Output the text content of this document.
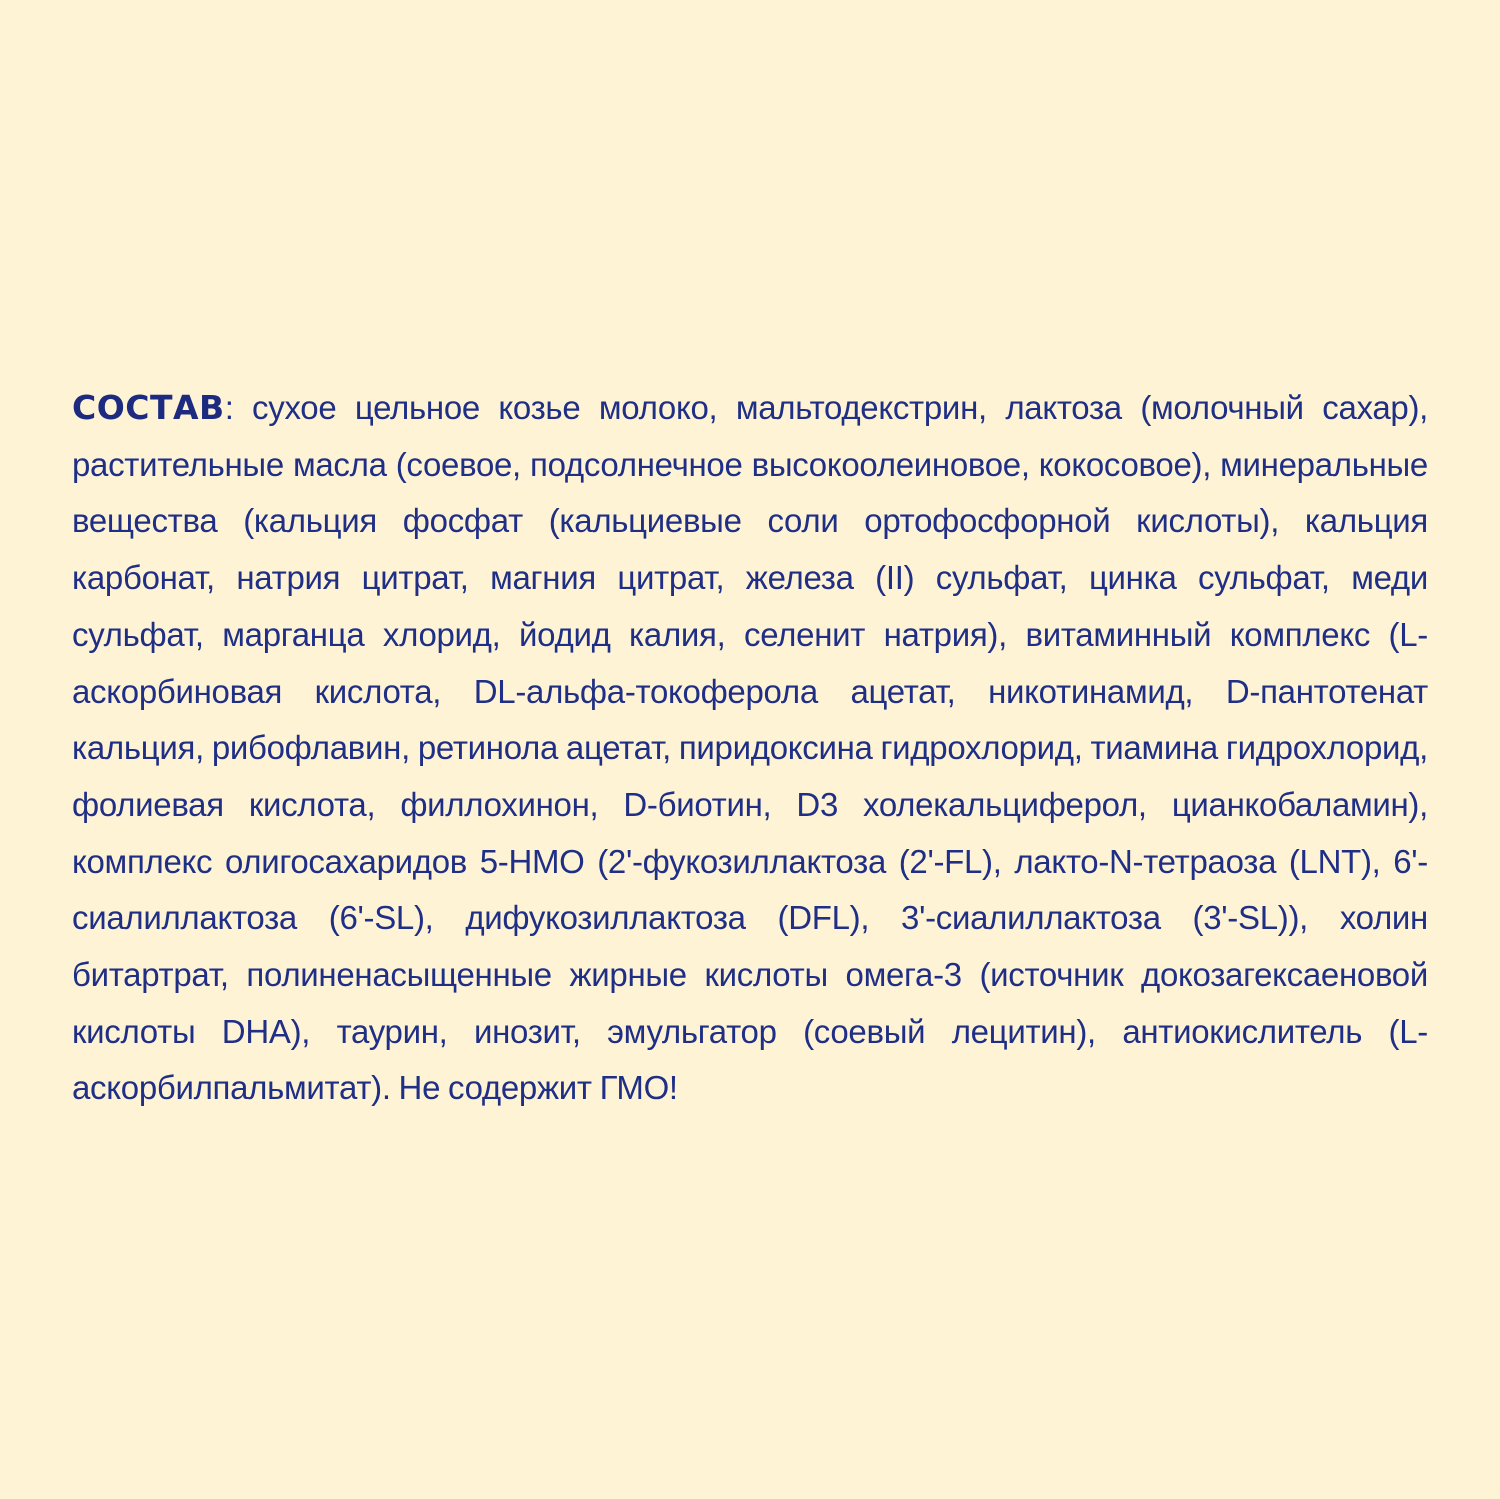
СОСТАВ: сухое цельное козье молоко, мальтодекстрин, лактоза (молочный сахар), растительные масла (соевое, подсолнечное высокоолеиновое, кокосовое), минеральные вещества (кальция фосфат (кальциевые соли ортофосфорной кислоты), кальция карбонат, натрия цитрат, магния цитрат, железа (II) сульфат, цинка сульфат, меди сульфат, марганца хлорид, йодид калия, селенит натрия), витаминный комплекс (L-аскорбиновая кислота, DL-альфа-токоферола ацетат, никотинамид, D-пантотенат кальция, рибофлавин, ретинола ацетат, пиридоксина гидрохлорид, тиамина гидрохлорид, фолиевая кислота, филлохинон, D-биотин, D3 холекальциферол, цианкобаламин), комплекс олигосахаридов 5-HMO (2'-фукозиллактоза (2'-FL), лакто-N-тетраоза (LNT), 6'-сиалиллактоза (6'-SL), дифукозиллактоза (DFL), 3'-сиалиллактоза (3'-SL)), холин битартрат, полиненасыщенные жирные кислоты омега-3 (источник докозагексаеновой кислоты DHA), таурин, инозит, эмульгатор (соевый лецитин), антиокислитель (L-аскорбилпальмитат). Не содержит ГМО!
